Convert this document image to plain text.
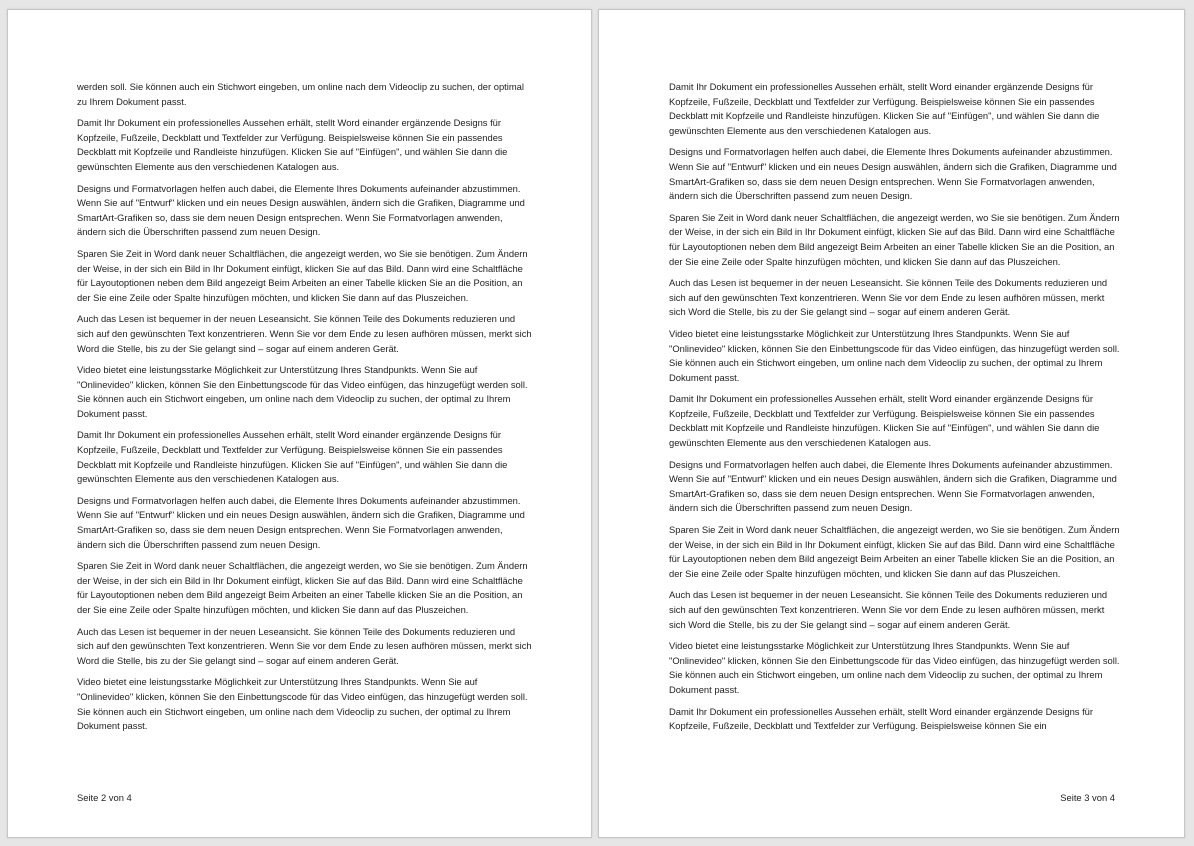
werden soll. Sie können auch ein Stichwort eingeben, um online nach dem Videoclip zu suchen, der optimal zu Ihrem Dokument passt.

Damit Ihr Dokument ein professionelles Aussehen erhält, stellt Word einander ergänzende Designs für Kopfzeile, Fußzeile, Deckblatt und Textfelder zur Verfügung. Beispielsweise können Sie ein passendes Deckblatt mit Kopfzeile und Randleiste hinzufügen. Klicken Sie auf "Einfügen", und wählen Sie dann die gewünschten Elemente aus den verschiedenen Katalogen aus.

Designs und Formatvorlagen helfen auch dabei, die Elemente Ihres Dokuments aufeinander abzustimmen. Wenn Sie auf "Entwurf" klicken und ein neues Design auswählen, ändern sich die Grafiken, Diagramme und SmartArt-Grafiken so, dass sie dem neuen Design entsprechen. Wenn Sie Formatvorlagen anwenden, ändern sich die Überschriften passend zum neuen Design.

Sparen Sie Zeit in Word dank neuer Schaltflächen, die angezeigt werden, wo Sie sie benötigen. Zum Ändern der Weise, in der sich ein Bild in Ihr Dokument einfügt, klicken Sie auf das Bild. Dann wird eine Schaltfläche für Layoutoptionen neben dem Bild angezeigt Beim Arbeiten an einer Tabelle klicken Sie an die Position, an der Sie eine Zeile oder Spalte hinzufügen möchten, und klicken Sie dann auf das Pluszeichen.

Auch das Lesen ist bequemer in der neuen Leseansicht. Sie können Teile des Dokuments reduzieren und sich auf den gewünschten Text konzentrieren. Wenn Sie vor dem Ende zu lesen aufhören müssen, merkt sich Word die Stelle, bis zu der Sie gelangt sind – sogar auf einem anderen Gerät.

Video bietet eine leistungsstarke Möglichkeit zur Unterstützung Ihres Standpunkts. Wenn Sie auf "Onlinevideo" klicken, können Sie den Einbettungscode für das Video einfügen, das hinzugefügt werden soll. Sie können auch ein Stichwort eingeben, um online nach dem Videoclip zu suchen, der optimal zu Ihrem Dokument passt.

Damit Ihr Dokument ein professionelles Aussehen erhält, stellt Word einander ergänzende Designs für Kopfzeile, Fußzeile, Deckblatt und Textfelder zur Verfügung. Beispielsweise können Sie ein passendes Deckblatt mit Kopfzeile und Randleiste hinzufügen. Klicken Sie auf "Einfügen", und wählen Sie dann die gewünschten Elemente aus den verschiedenen Katalogen aus.

Designs und Formatvorlagen helfen auch dabei, die Elemente Ihres Dokuments aufeinander abzustimmen. Wenn Sie auf "Entwurf" klicken und ein neues Design auswählen, ändern sich die Grafiken, Diagramme und SmartArt-Grafiken so, dass sie dem neuen Design entsprechen. Wenn Sie Formatvorlagen anwenden, ändern sich die Überschriften passend zum neuen Design.

Sparen Sie Zeit in Word dank neuer Schaltflächen, die angezeigt werden, wo Sie sie benötigen. Zum Ändern der Weise, in der sich ein Bild in Ihr Dokument einfügt, klicken Sie auf das Bild. Dann wird eine Schaltfläche für Layoutoptionen neben dem Bild angezeigt Beim Arbeiten an einer Tabelle klicken Sie an die Position, an der Sie eine Zeile oder Spalte hinzufügen möchten, und klicken Sie dann auf das Pluszeichen.

Auch das Lesen ist bequemer in der neuen Leseansicht. Sie können Teile des Dokuments reduzieren und sich auf den gewünschten Text konzentrieren. Wenn Sie vor dem Ende zu lesen aufhören müssen, merkt sich Word die Stelle, bis zu der Sie gelangt sind – sogar auf einem anderen Gerät.

Video bietet eine leistungsstarke Möglichkeit zur Unterstützung Ihres Standpunkts. Wenn Sie auf "Onlinevideo" klicken, können Sie den Einbettungscode für das Video einfügen, das hinzugefügt werden soll. Sie können auch ein Stichwort eingeben, um online nach dem Videoclip zu suchen, der optimal zu Ihrem Dokument passt.

Seite 2 von 4

Damit Ihr Dokument ein professionelles Aussehen erhält, stellt Word einander ergänzende Designs für Kopfzeile, Fußzeile, Deckblatt und Textfelder zur Verfügung. Beispielsweise können Sie ein passendes Deckblatt mit Kopfzeile und Randleiste hinzufügen. Klicken Sie auf "Einfügen", und wählen Sie dann die gewünschten Elemente aus den verschiedenen Katalogen aus.

Designs und Formatvorlagen helfen auch dabei, die Elemente Ihres Dokuments aufeinander abzustimmen. Wenn Sie auf "Entwurf" klicken und ein neues Design auswählen, ändern sich die Grafiken, Diagramme und SmartArt-Grafiken so, dass sie dem neuen Design entsprechen. Wenn Sie Formatvorlagen anwenden, ändern sich die Überschriften passend zum neuen Design.

Sparen Sie Zeit in Word dank neuer Schaltflächen, die angezeigt werden, wo Sie sie benötigen. Zum Ändern der Weise, in der sich ein Bild in Ihr Dokument einfügt, klicken Sie auf das Bild. Dann wird eine Schaltfläche für Layoutoptionen neben dem Bild angezeigt Beim Arbeiten an einer Tabelle klicken Sie an die Position, an der Sie eine Zeile oder Spalte hinzufügen möchten, und klicken Sie dann auf das Pluszeichen.

Auch das Lesen ist bequemer in der neuen Leseansicht. Sie können Teile des Dokuments reduzieren und sich auf den gewünschten Text konzentrieren. Wenn Sie vor dem Ende zu lesen aufhören müssen, merkt sich Word die Stelle, bis zu der Sie gelangt sind – sogar auf einem anderen Gerät.

Video bietet eine leistungsstarke Möglichkeit zur Unterstützung Ihres Standpunkts. Wenn Sie auf "Onlinevideo" klicken, können Sie den Einbettungscode für das Video einfügen, das hinzugefügt werden soll. Sie können auch ein Stichwort eingeben, um online nach dem Videoclip zu suchen, der optimal zu Ihrem Dokument passt.

Damit Ihr Dokument ein professionelles Aussehen erhält, stellt Word einander ergänzende Designs für Kopfzeile, Fußzeile, Deckblatt und Textfelder zur Verfügung. Beispielsweise können Sie ein passendes Deckblatt mit Kopfzeile und Randleiste hinzufügen. Klicken Sie auf "Einfügen", und wählen Sie dann die gewünschten Elemente aus den verschiedenen Katalogen aus.

Designs und Formatvorlagen helfen auch dabei, die Elemente Ihres Dokuments aufeinander abzustimmen. Wenn Sie auf "Entwurf" klicken und ein neues Design auswählen, ändern sich die Grafiken, Diagramme und SmartArt-Grafiken so, dass sie dem neuen Design entsprechen. Wenn Sie Formatvorlagen anwenden, ändern sich die Überschriften passend zum neuen Design.

Sparen Sie Zeit in Word dank neuer Schaltflächen, die angezeigt werden, wo Sie sie benötigen. Zum Ändern der Weise, in der sich ein Bild in Ihr Dokument einfügt, klicken Sie auf das Bild. Dann wird eine Schaltfläche für Layoutoptionen neben dem Bild angezeigt Beim Arbeiten an einer Tabelle klicken Sie an die Position, an der Sie eine Zeile oder Spalte hinzufügen möchten, und klicken Sie dann auf das Pluszeichen.

Auch das Lesen ist bequemer in der neuen Leseansicht. Sie können Teile des Dokuments reduzieren und sich auf den gewünschten Text konzentrieren. Wenn Sie vor dem Ende zu lesen aufhören müssen, merkt sich Word die Stelle, bis zu der Sie gelangt sind – sogar auf einem anderen Gerät.

Video bietet eine leistungsstarke Möglichkeit zur Unterstützung Ihres Standpunkts. Wenn Sie auf "Onlinevideo" klicken, können Sie den Einbettungscode für das Video einfügen, das hinzugefügt werden soll. Sie können auch ein Stichwort eingeben, um online nach dem Videoclip zu suchen, der optimal zu Ihrem Dokument passt.

Damit Ihr Dokument ein professionelles Aussehen erhält, stellt Word einander ergänzende Designs für Kopfzeile, Fußzeile, Deckblatt und Textfelder zur Verfügung. Beispielsweise können Sie ein

Seite 3 von 4
